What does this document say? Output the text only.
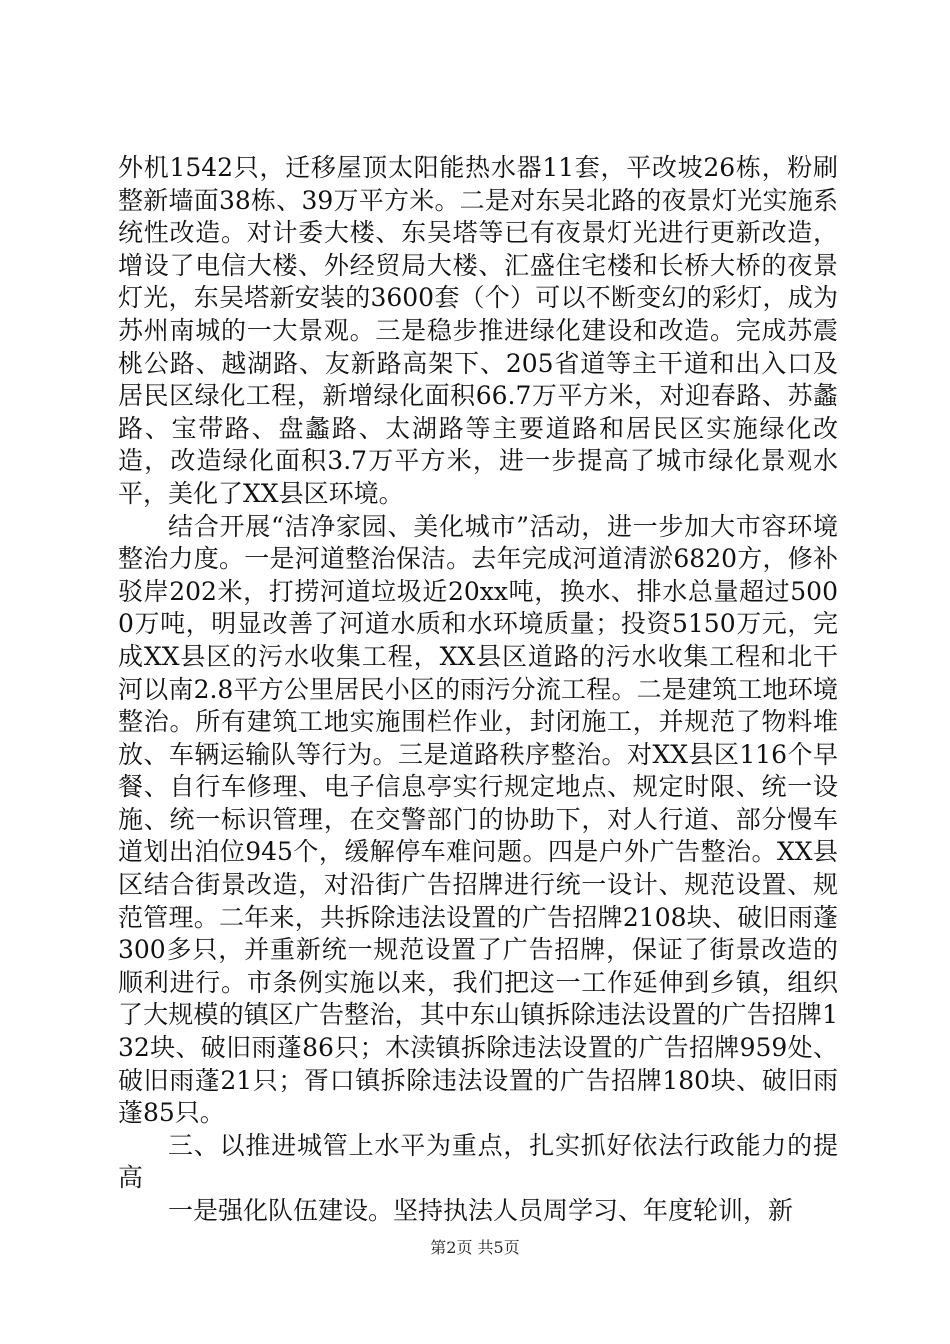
外机1542只，迁移屋顶太阳能热水器11套，平改坡26栋，粉刷整新墙面38栋、39万平方米。二是对东吴北路的夜景灯光实施系统性改造。对计委大楼、东吴塔等已有夜景灯光进行更新改造，增设了电信大楼、外经贸局大楼、汇盛住宅楼和长桥大桥的夜景灯光，东吴塔新安装的3600套（个）可以不断变幻的彩灯，成为苏州南城的一大景观。三是稳步推进绿化建设和改造。完成苏震桃公路、越湖路、友新路高架下、205省道等主干道和出入口及居民区绿化工程，新增绿化面积66.7万平方米，对迎春路、苏蠡路、宝带路、盘蠡路、太湖路等主要道路和居民区实施绿化改造，改造绿化面积3.7万平方米，进一步提高了城市绿化景观水平，美化了XX县区环境。

结合开展“洁净家园、美化城市”活动，进一步加大市容环境整治力度。一是河道整治保洁。去年完成河道清淤6820方，修补驳岸202米，打捞河道垃圾近20xx吨，换水、排水总量超过5000万吨，明显改善了河道水质和水环境质量；投资5150万元，完成XX县区的污水收集工程，XX县区道路的污水收集工程和北干河以南2.8平方公里居民小区的雨污分流工程。二是建筑工地环境整治。所有建筑工地实施围栏作业，封闭施工，并规范了物料堆放、车辆运输队等行为。三是道路秩序整治。对XX县区116个早餐、自行车修理、电子信息亭实行规定地点、规定时限、统一设施、统一标识管理，在交警部门的协助下，对人行道、部分慢车道划出泊位945个，缓解停车难问题。四是户外广告整治。XX县区结合街景改造，对沿街广告招牌进行统一设计、规范设置、规范管理。二年来，共拆除违法设置的广告招牌2108块、破旧雨蓬300多只，并重新统一规范设置了广告招牌，保证了街景改造的顺利进行。市条例实施以来，我们把这一工作延伸到乡镇，组织了大规模的镇区广告整治，其中东山镇拆除违法设置的广告招牌132块、破旧雨蓬86只；木渎镇拆除违法设置的广告招牌959处、破旧雨蓬21只；胥口镇拆除违法设置的广告招牌180块、破旧雨蓬85只。

三、以推进城管上水平为重点，扎实抓好依法行政能力的提高

一是强化队伍建设。坚持执法人员周学习、年度轮训，新

第2页 共5页
